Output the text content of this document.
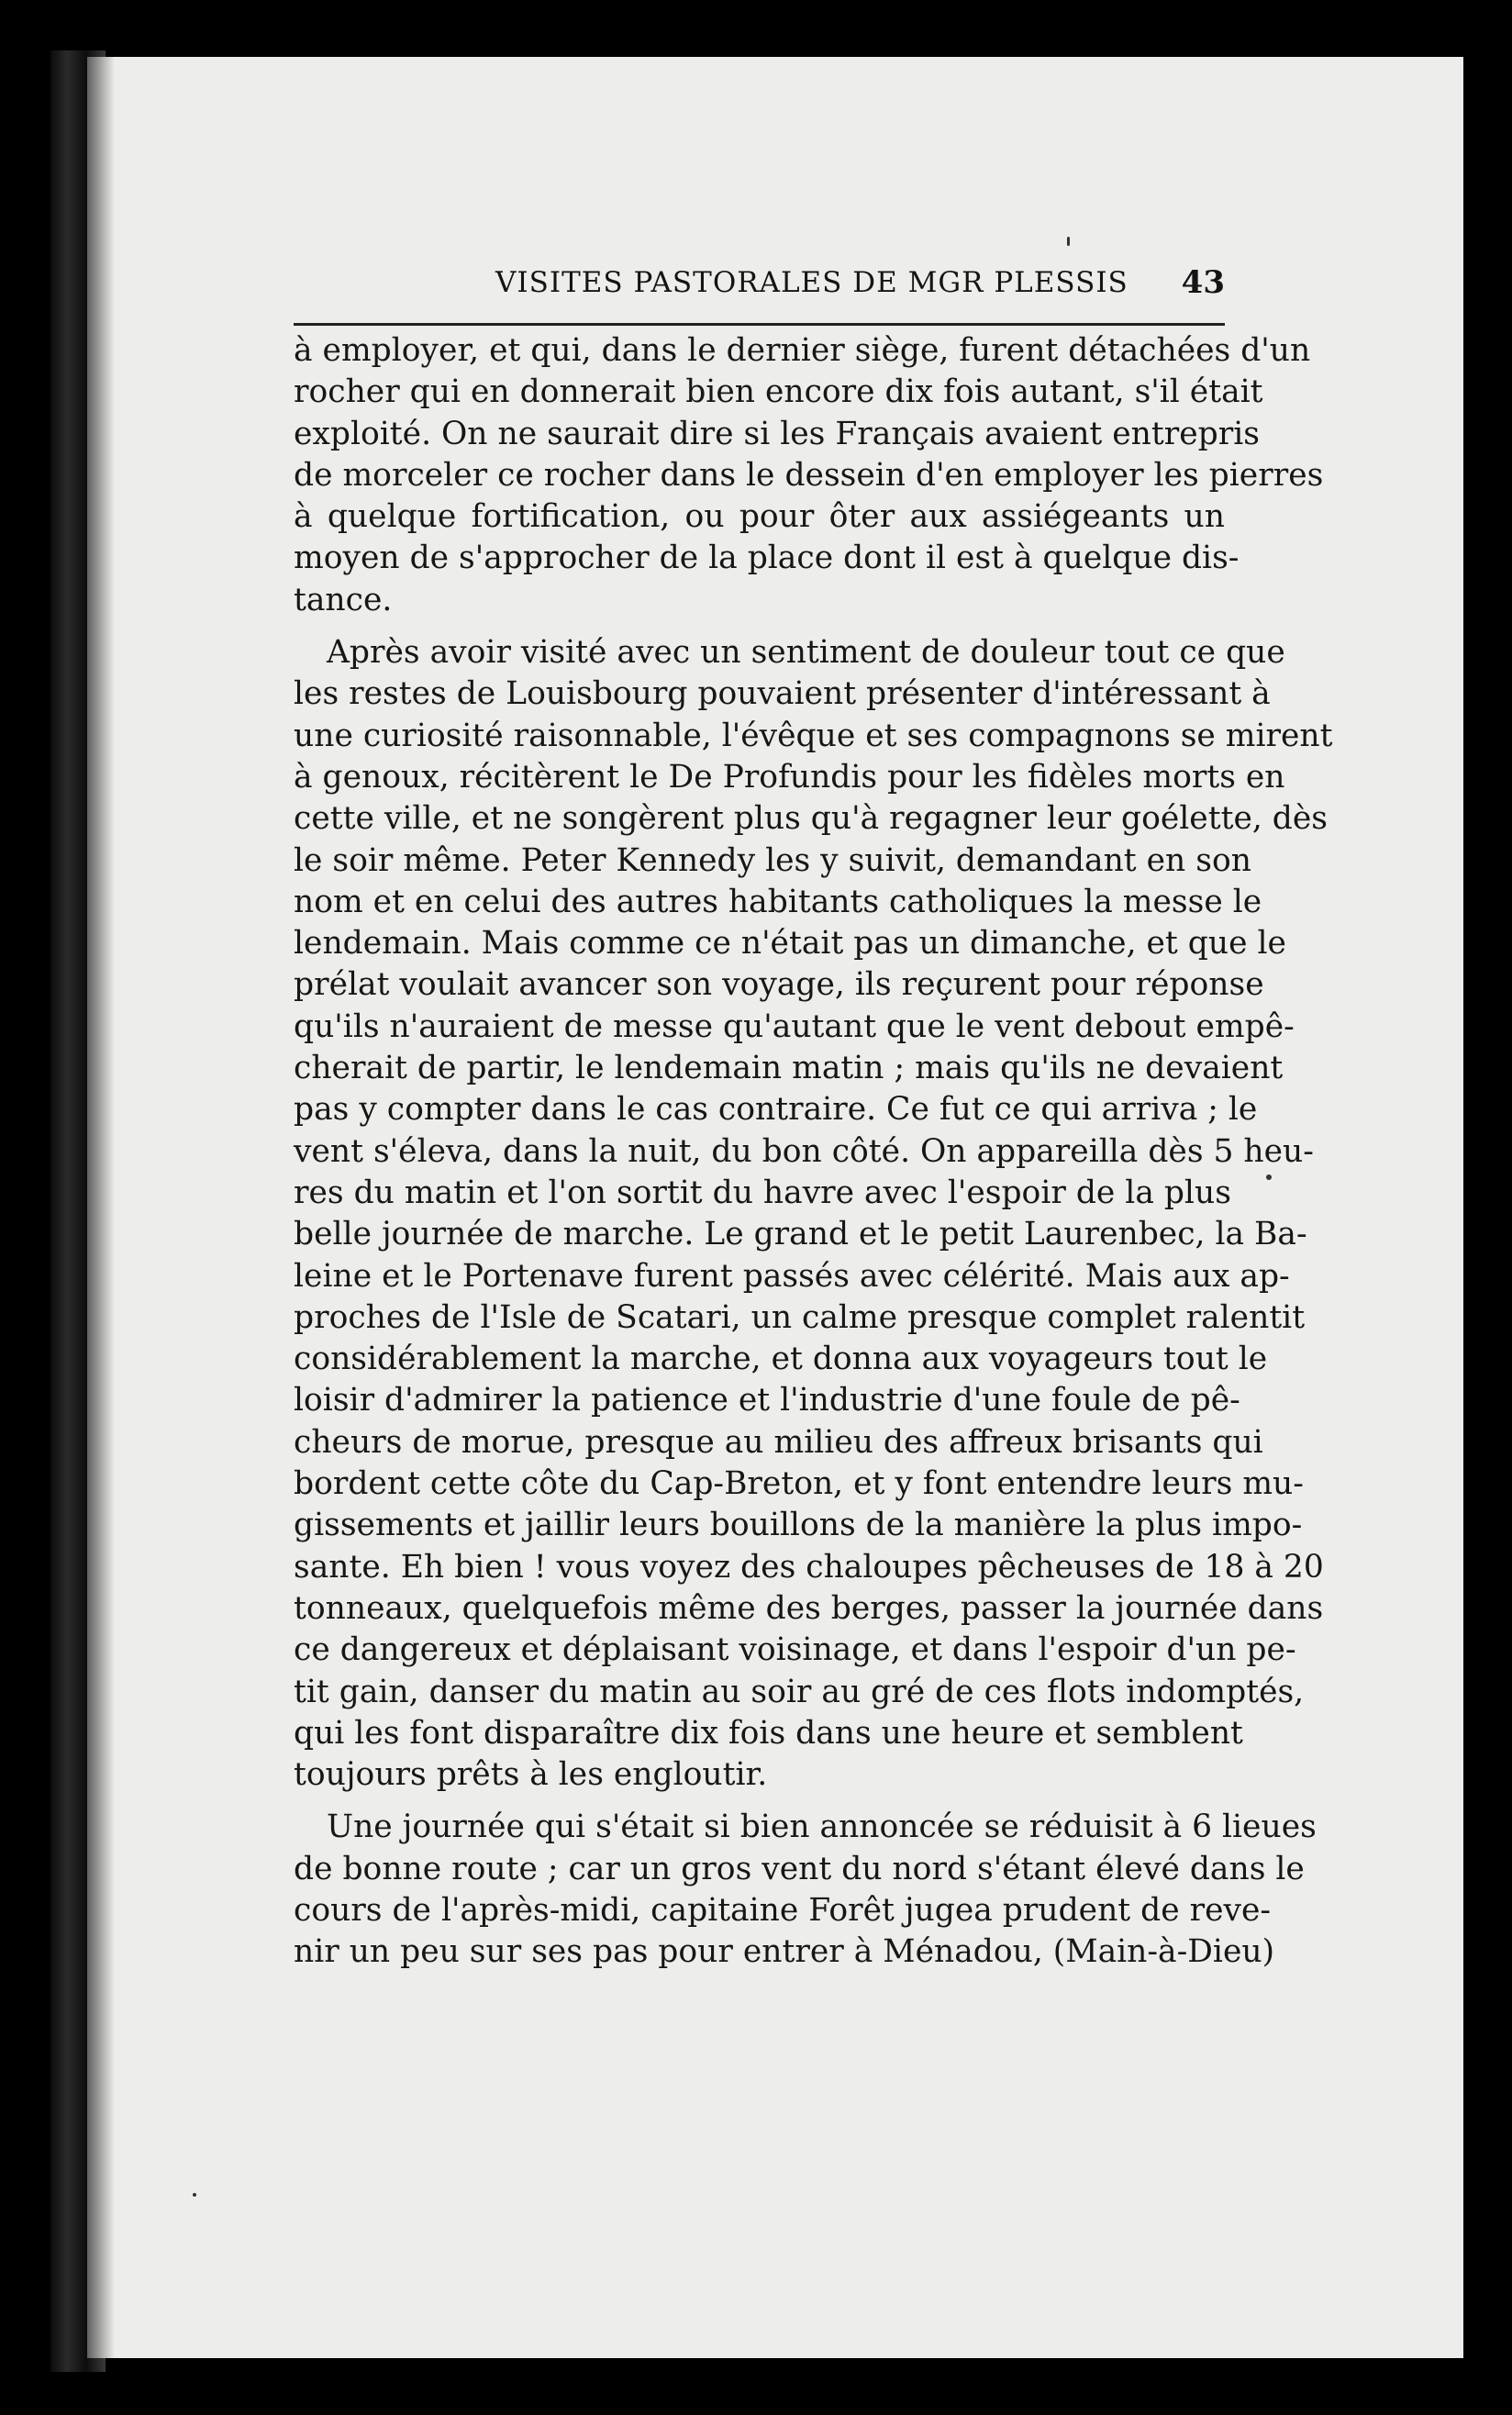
VISITES PASTORALES DE MGR PLESSIS 43
à employer, et qui, dans le dernier siège, furent détachées d'un
rocher qui en donnerait bien encore dix fois autant, s'il était
exploité. On ne saurait dire si les Français avaient entrepris
de morceler ce rocher dans le dessein d'en employer les pierres
à quelque fortification, ou pour ôter aux assiégeants un
moyen de s'approcher de la place dont il est à quelque dis-
tance.
Après avoir visité avec un sentiment de douleur tout ce que
les restes de Louisbourg pouvaient présenter d'intéressant à
une curiosité raisonnable, l'évêque et ses compagnons se mirent
à genoux, récitèrent le De Profundis pour les fidèles morts en
cette ville, et ne songèrent plus qu'à regagner leur goélette, dès
le soir même. Peter Kennedy les y suivit, demandant en son
nom et en celui des autres habitants catholiques la messe le
lendemain. Mais comme ce n'était pas un dimanche, et que le
prélat voulait avancer son voyage, ils reçurent pour réponse
qu'ils n'auraient de messe qu'autant que le vent debout empê-
cherait de partir, le lendemain matin ; mais qu'ils ne devaient
pas y compter dans le cas contraire. Ce fut ce qui arriva ; le
vent s'éleva, dans la nuit, du bon côté. On appareilla dès 5 heu-
res du matin et l'on sortit du havre avec l'espoir de la plus
belle journée de marche. Le grand et le petit Laurenbec, la Ba-
leine et le Portenave furent passés avec célérité. Mais aux ap-
proches de l'Isle de Scatari, un calme presque complet ralentit
considérablement la marche, et donna aux voyageurs tout le
loisir d'admirer la patience et l'industrie d'une foule de pê-
cheurs de morue, presque au milieu des affreux brisants qui
bordent cette côte du Cap-Breton, et y font entendre leurs mu-
gissements et jaillir leurs bouillons de la manière la plus impo-
sante. Eh bien ! vous voyez des chaloupes pêcheuses de 18 à 20
tonneaux, quelquefois même des berges, passer la journée dans
ce dangereux et déplaisant voisinage, et dans l'espoir d'un pe-
tit gain, danser du matin au soir au gré de ces flots indomptés,
qui les font disparaître dix fois dans une heure et semblent
toujours prêts à les engloutir.
Une journée qui s'était si bien annoncée se réduisit à 6 lieues
de bonne route ; car un gros vent du nord s'étant élevé dans le
cours de l'après-midi, capitaine Forêt jugea prudent de reve-
nir un peu sur ses pas pour entrer à Ménadou, (Main-à-Dieu)
